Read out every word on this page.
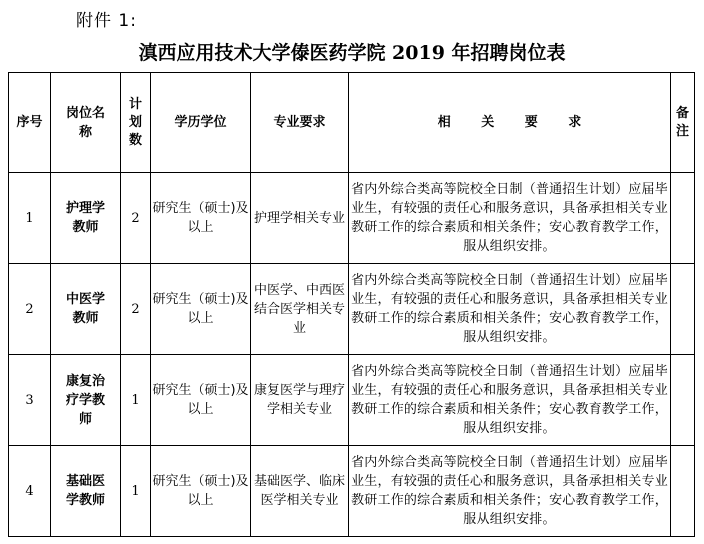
附件 1:
滇西应用技术大学傣医药学院 2019 年招聘岗位表
序号	岗位名称	计划数	学历学位	专业要求	相 关 要 求	备注
1	护理学教师	2	研究生（硕士)及以上	护理学相关专业	省内外综合类高等院校全日制（普通招生计划）应届毕业生，有较强的责任心和服务意识，具备承担相关专业教研工作的综合素质和相关条件；安心教育教学工作，服从组织安排。	
2	中医学教师	2	研究生（硕士)及以上	中医学、中西医结合医学相关专业	省内外综合类高等院校全日制（普通招生计划）应届毕业生，有较强的责任心和服务意识，具备承担相关专业教研工作的综合素质和相关条件；安心教育教学工作，服从组织安排。	
3	康复治疗学教师	1	研究生（硕士)及以上	康复医学与理疗学相关专业	省内外综合类高等院校全日制（普通招生计划）应届毕业生，有较强的责任心和服务意识，具备承担相关专业教研工作的综合素质和相关条件；安心教育教学工作，服从组织安排。	
4	基础医学教师	1	研究生（硕士)及以上	基础医学、临床医学相关专业	省内外综合类高等院校全日制（普通招生计划）应届毕业生，有较强的责任心和服务意识，具备承担相关专业教研工作的综合素质和相关条件；安心教育教学工作，服从组织安排。	
